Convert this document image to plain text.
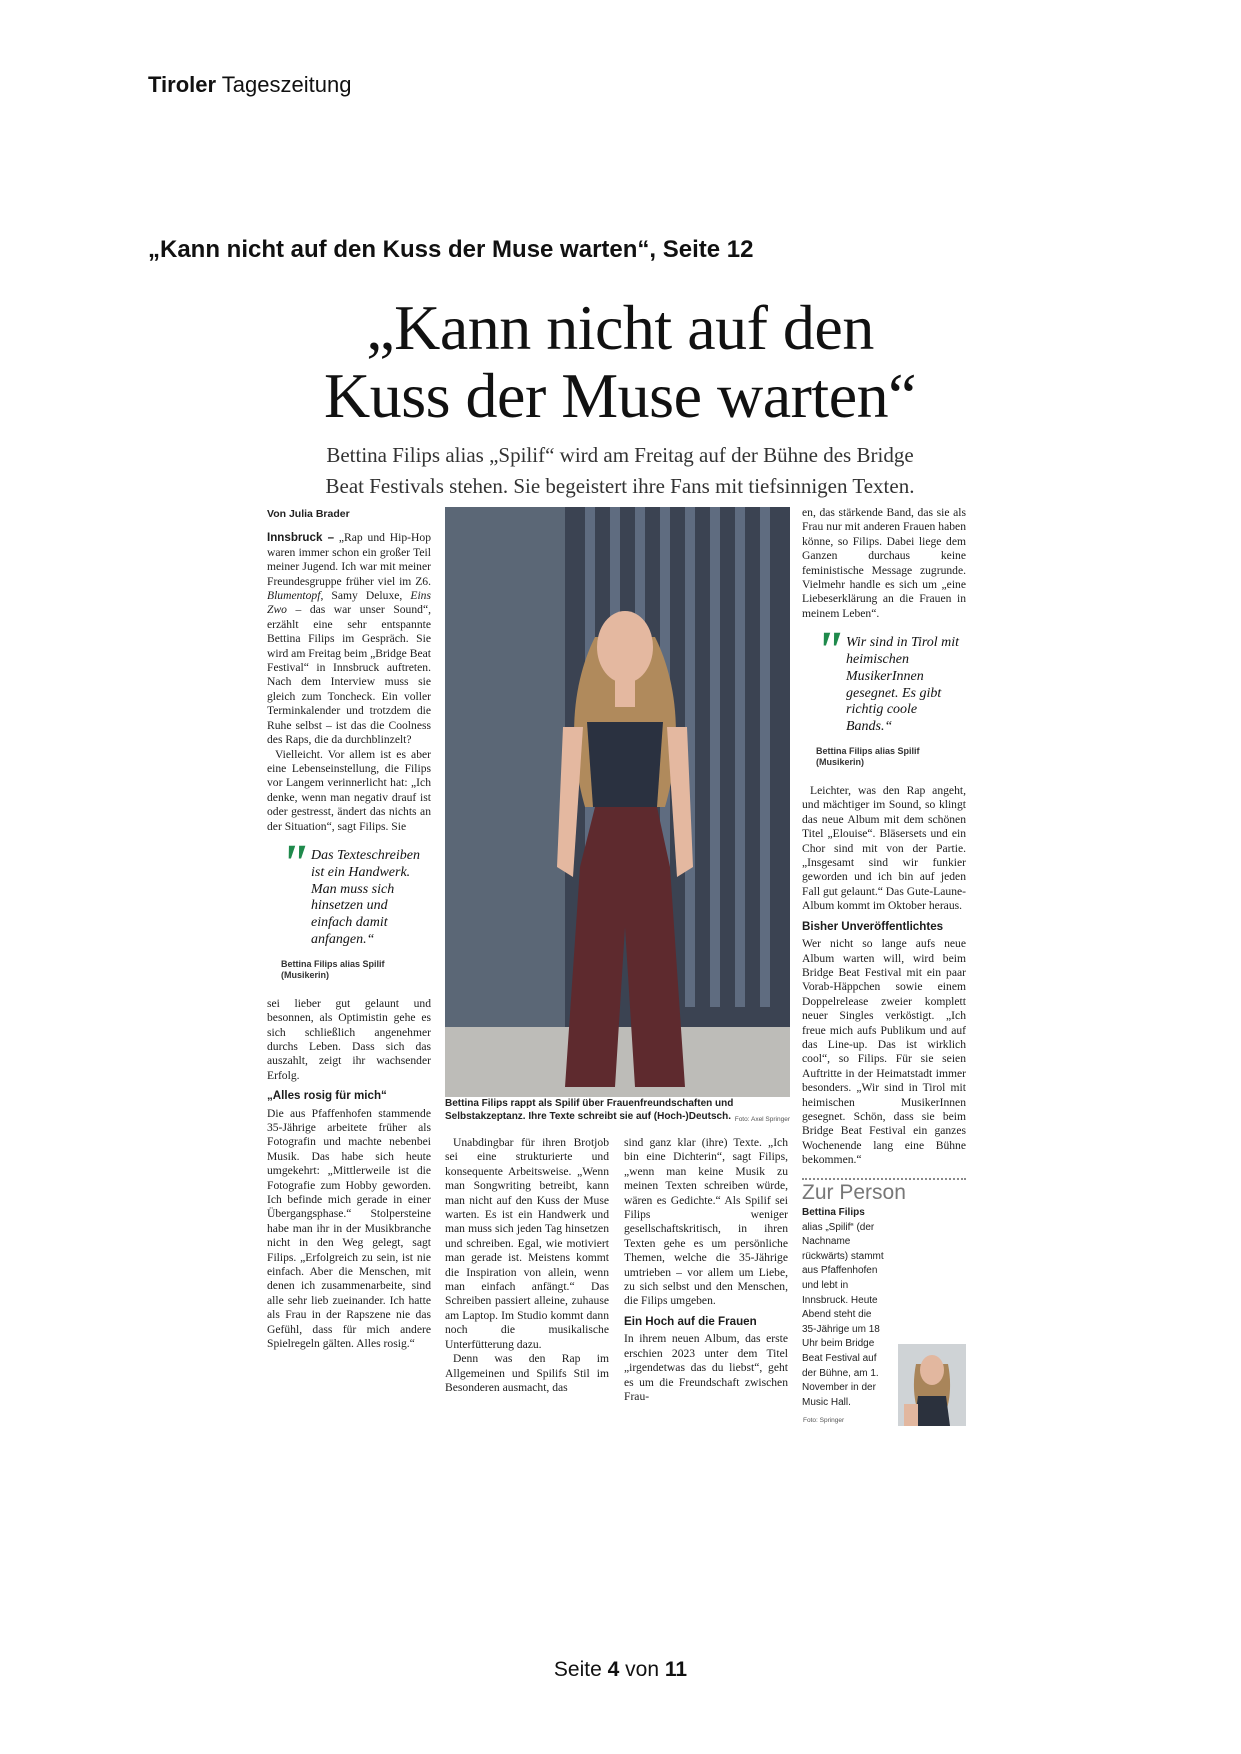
Tiroler Tageszeitung
„Kann nicht auf den Kuss der Muse warten“, Seite 12
„Kann nicht auf den
Kuss der Muse warten“
Bettina Filips alias „Spilif“ wird am Freitag auf der Bühne des Bridge
Beat Festivals stehen. Sie begeistert ihre Fans mit tiefsinnigen Texten.
Von Julia Brader

Innsbruck – „Rap und Hip-Hop waren immer schon ein großer Teil meiner Jugend. Ich war mit meiner Freundesgruppe früher viel im Z6. Blumentopf, Samy Deluxe, Eins Zwo – das war unser Sound“, erzählt eine sehr entspannte Bettina Filips im Gespräch. Sie wird am Freitag beim „Bridge Beat Festival“ in Innsbruck auftreten. Nach dem Interview muss sie gleich zum Toncheck. Ein voller Terminkalender und trotzdem die Ruhe selbst – ist das die Coolness des Raps, die da durchblinzelt?

Vielleicht. Vor allem ist es aber eine Lebenseinstellung, die Filips vor Langem verinnerlicht hat: „Ich denke, wenn man negativ drauf ist oder gestresst, ändert das nichts an der Situation“, sagt Filips. Sie

" Das Texteschreiben ist ein Handwerk. Man muss sich hinsetzen und einfach damit anfangen.“
Bettina Filips alias Spilif
(Musikerin)

sei lieber gut gelaunt und besonnen, als Optimistin gehe es sich schließlich angenehmer durchs Leben. Dass sich das auszahlt, zeigt ihr wachsender Erfolg.

„Alles rosig für mich“

Die aus Pfaffenhofen stammende 35-Jährige arbeitete früher als Fotografin und machte nebenbei Musik. Das habe sich heute umgekehrt: „Mittlerweile ist die Fotografie zum Hobby geworden. Ich befinde mich gerade in einer Übergangsphase.“ Stolpersteine habe man ihr in der Musikbranche nicht in den Weg gelegt, sagt Filips. „Erfolgreich zu sein, ist nie einfach. Aber die Menschen, mit denen ich zusammenarbeite, sind alle sehr lieb zueinander. Ich hatte als Frau in der Rapszene nie das Gefühl, dass für mich andere Spielregeln gälten. Alles rosig.“

Bettina Filips rappt als Spilif über Frauenfreundschaften und Selbstakzeptanz. Ihre Texte schreibt sie auf (Hoch-)Deutsch. Foto: Axel Springer

Unabdingbar für ihren Brotjob sei eine strukturierte und konsequente Arbeitsweise. „Wenn man Songwriting betreibt, kann man nicht auf den Kuss der Muse warten. Es ist ein Handwerk und man muss sich jeden Tag hinsetzen und schreiben. Egal, wie motiviert man gerade ist. Meistens kommt die Inspiration von allein, wenn man einfach anfängt.“ Das Schreiben passiert alleine, zuhause am Laptop. Im Studio kommt dann noch die musikalische Unterfütterung dazu.

Denn was den Rap im Allgemeinen und Spilifs Stil im Besonderen ausmacht, das

sind ganz klar (ihre) Texte. „Ich bin eine Dichterin“, sagt Filips, „wenn man keine Musik zu meinen Texten schreiben würde, wären es Gedichte.“ Als Spilif sei Filips weniger gesellschaftskritisch, in ihren Texten gehe es um persönliche Themen, welche die 35-Jährige umtrieben – vor allem um Liebe, zu sich selbst und den Menschen, die Filips umgeben.

Ein Hoch auf die Frauen

In ihrem neuen Album, das erste erschien 2023 unter dem Titel „irgendetwas das du liebst“, geht es um die Freundschaft zwischen Frau-

en, das stärkende Band, das sie als Frau nur mit anderen Frauen haben könne, so Filips. Dabei liege dem Ganzen durchaus keine feministische Message zugrunde. Vielmehr handle es sich um „eine Liebeserklärung an die Frauen in meinem Leben“.

" Wir sind in Tirol mit heimischen MusikerInnen gesegnet. Es gibt richtig coole Bands.“
Bettina Filips alias Spilif
(Musikerin)

Leichter, was den Rap angeht, und mächtiger im Sound, so klingt das neue Album mit dem schönen Titel „Elouise“. Bläsersets und ein Chor sind mit von der Partie. „Insgesamt sind wir funkier geworden und ich bin auf jeden Fall gut gelaunt.“ Das Gute-Laune-Album kommt im Oktober heraus.

Bisher Unveröffentlichtes

Wer nicht so lange aufs neue Album warten will, wird beim Bridge Beat Festival mit ein paar Vorab-Häppchen sowie einem Doppelrelease zweier komplett neuer Singles verköstigt. „Ich freue mich aufs Publikum und auf das Line-up. Das ist wirklich cool“, so Filips. Für sie seien Auftritte in der Heimatstadt immer besonders. „Wir sind in Tirol mit heimischen MusikerInnen gesegnet. Schön, dass sie beim Bridge Beat Festival ein ganzes Wochenende lang eine Bühne bekommen.“

Zur Person
Bettina Filips alias „Spilif“ (der Nachname rückwärts) stammt aus Pfaffenhofen und lebt in Innsbruck. Heute Abend steht die 35-Jährige um 18 Uhr beim Bridge Beat Festival auf der Bühne, am 1. November in der Music Hall.
Foto: Springer
Seite 4 von 11
